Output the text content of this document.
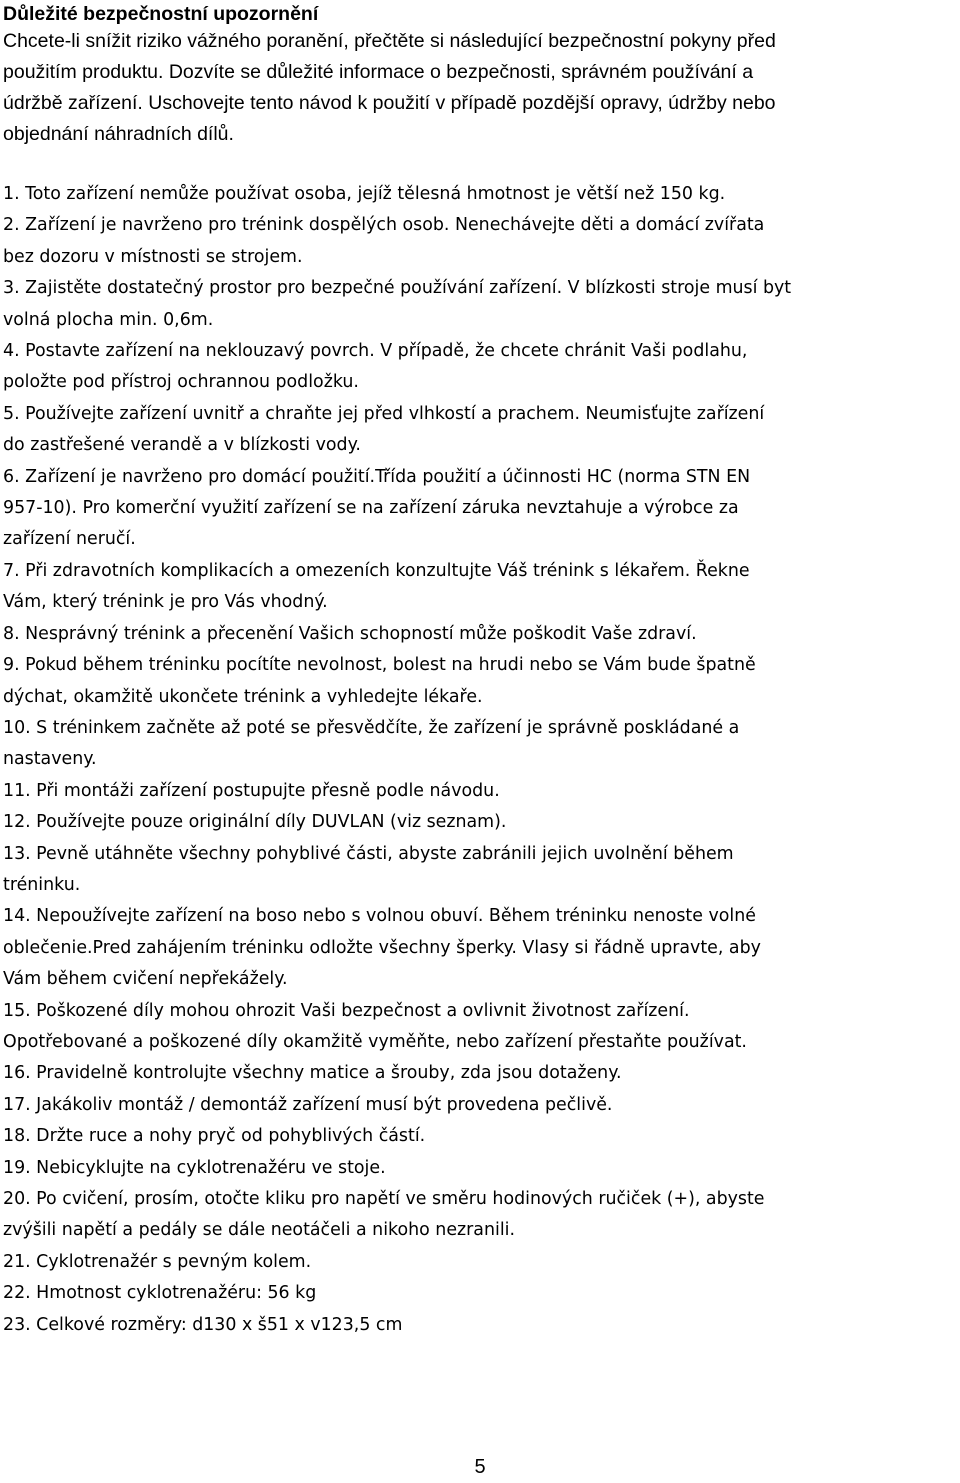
Důležité bezpečnostní upozornění
Chcete-li snížit riziko vážného poranění, přečtěte si následující bezpečnostní pokyny před
použitím produktu. Dozvíte se důležité informace o bezpečnosti, správném používání a
údržbě zařízení. Uschovejte tento návod k použití v případě pozdější opravy, údržby nebo
objednání náhradních dílů.
1. Toto zařízení nemůže používat osoba, jejíž tělesná hmotnost je větší než 150 kg.
2. Zařízení je navrženo pro trénink dospělých osob. Nenechávejte děti a domácí zvířata
bez dozoru v místnosti se strojem.
3. Zajistěte dostatečný prostor pro bezpečné používání zařízení. V blízkosti stroje musí byt
volná plocha min. 0,6m.
4. Postavte zařízení na neklouzavý povrch. V případě, že chcete chránit Vaši podlahu,
položte pod přístroj ochrannou podložku.
5. Používejte zařízení uvnitř a chraňte jej před vlhkostí a prachem. Neumisťujte zařízení
do zastřešené verandě a v blízkosti vody.
6. Zařízení je navrženo pro domácí použití.Třída použití a účinnosti HC (norma STN EN
957-10). Pro komerční využití zařízení se na zařízení záruka nevztahuje a výrobce za
zařízení neručí.
7. Při zdravotních komplikacích a omezeních konzultujte Váš trénink s lékařem. Řekne
Vám, který trénink je pro Vás vhodný.
8. Nesprávný trénink a přecenění Vašich schopností může poškodit Vaše zdraví.
9. Pokud během tréninku pocítíte nevolnost, bolest na hrudi nebo se Vám bude špatně
dýchat, okamžitě ukončete trénink a vyhledejte lékaře.
10. S tréninkem začněte až poté se přesvědčíte, že zařízení je správně poskládané a
nastaveny.
11. Při montáži zařízení postupujte přesně podle návodu.
12. Používejte pouze originální díly DUVLAN (viz seznam).
13. Pevně utáhněte všechny pohyblivé části, abyste zabránili jejich uvolnění během
tréninku.
14. Nepoužívejte zařízení na boso nebo s volnou obuví. Během tréninku nenoste volné
oblečenie.Pred zahájením tréninku odložte všechny šperky. Vlasy si řádně upravte, aby
Vám během cvičení nepřekážely.
15. Poškozené díly mohou ohrozit Vaši bezpečnost a ovlivnit životnost zařízení.
Opotřebované a poškozené díly okamžitě vyměňte, nebo zařízení přestaňte používat.
16. Pravidelně kontrolujte všechny matice a šrouby, zda jsou dotaženy.
17. Jakákoliv montáž / demontáž zařízení musí být provedena pečlivě.
18. Držte ruce a nohy pryč od pohyblivých částí.
19. Nebicyklujte na cyklotrenažéru ve stoje.
20. Po cvičení, prosím, otočte kliku pro napětí ve směru hodinových ručiček (+), abyste
zvýšili napětí a pedály se dále neotáčeli a nikoho nezranili.
21. Cyklotrenažér s pevným kolem.
22. Hmotnost cyklotrenažéru: 56 kg
23. Celkové rozměry: d130 x š51 x v123,5 cm
5
